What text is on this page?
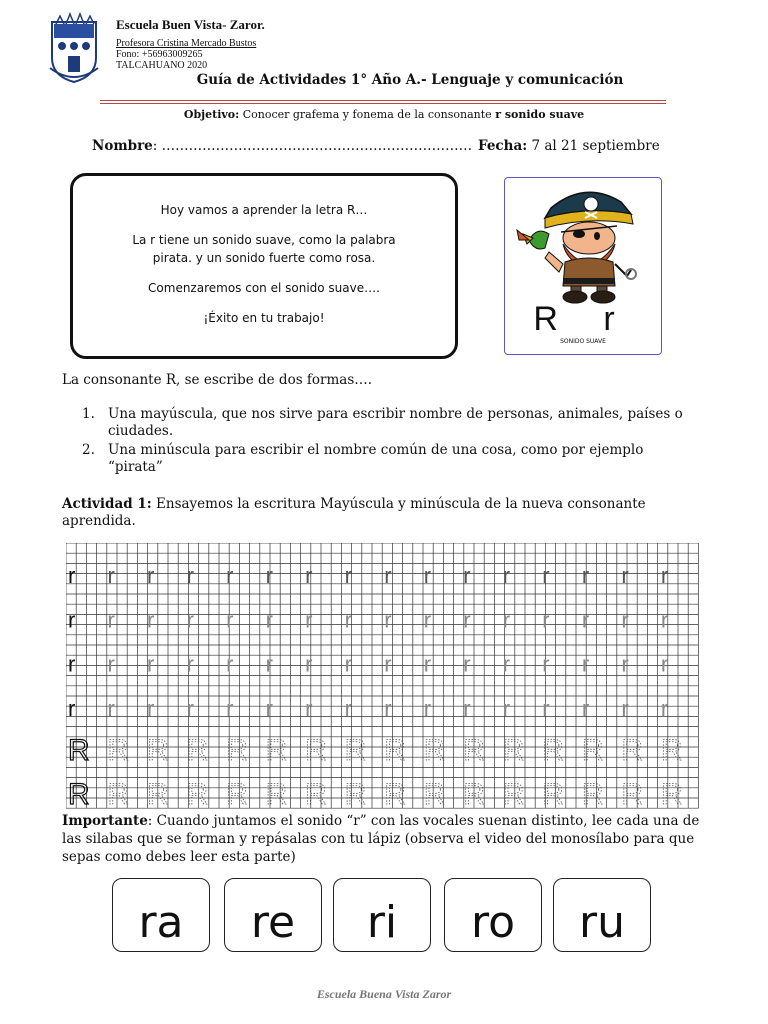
Escuela Buen Vista- Zaror.
Profesora Cristina Mercado Bustos
Fono: +56963009265
TALCAHUANO 2020
Guía de Actividades 1° Año A.- Lenguaje y comunicación
Objetivo: Conocer grafema y fonema de la consonante r sonido suave
Nombre: …………………………………………………………… Fecha: 7 al 21 septiembre

Hoy vamos a aprender la letra R…

La r tiene un sonido suave, como la palabra

pirata. y un sonido fuerte como rosa.

Comenzaremos con el sonido suave….

¡Éxito en tu trabajo!	R r
SONIDO SUAVE
La consonante R, se escribe de dos formas….
1. Una mayúscula, que nos sirve para escribir nombre de personas, animales, países o ciudades.
2. Una minúscula para escribir el nombre común de una cosa, como por ejemplo “pirata”
Actividad 1: Ensayemos la escritura Mayúscula y minúscula de la nueva consonante aprendida.
r r r r r r r r r r r r r r r r
r r r r r r r r r r r r r r r r
r r r r r r r r r r r r r r r r
r r r r r r r r r r r r r r r r
R R R R R R R R R R R R R R R R
R R R R R R R R R R R R R R R R
Importante: Cuando juntamos el sonido “r” con las vocales suenan distinto, lee cada una de las silabas que se forman y repásalas con tu lápiz (observa el video del monosílabo para que sepas como debes leer esta parte)
ra	re	ri	ro	ru
Escuela Buena Vista Zaror
